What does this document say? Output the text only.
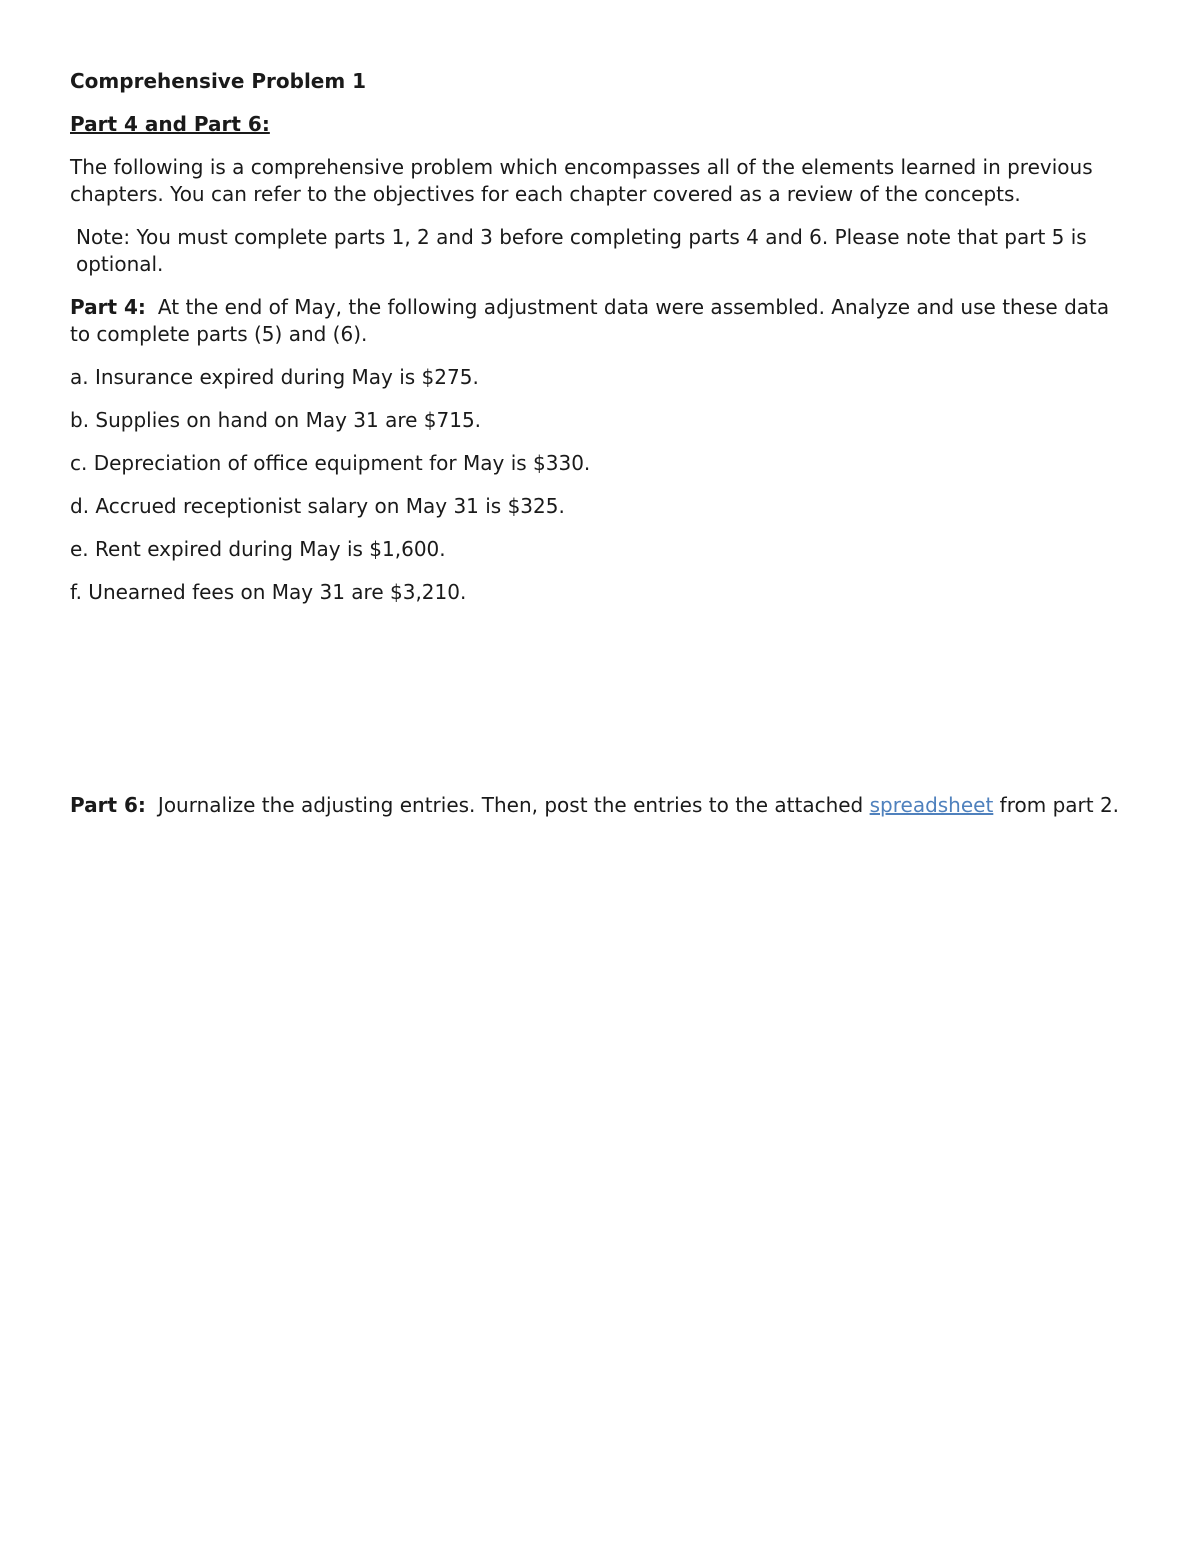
Comprehensive Problem 1
Part 4 and Part 6:

The following is a comprehensive problem which encompasses all of the elements learned in previous chapters. You can refer to the objectives for each chapter covered as a review of the concepts.

Note: You must complete parts 1, 2 and 3 before completing parts 4 and 6. Please note that part 5 is optional.

Part 4: At the end of May, the following adjustment data were assembled. Analyze and use these data to complete parts (5) and (6).

a. Insurance expired during May is $275.

b. Supplies on hand on May 31 are $715.

c. Depreciation of office equipment for May is $330.

d. Accrued receptionist salary on May 31 is $325.

e. Rent expired during May is $1,600.

f. Unearned fees on May 31 are $3,210.

Part 6: Journalize the adjusting entries. Then, post the entries to the attached spreadsheet from part 2.
